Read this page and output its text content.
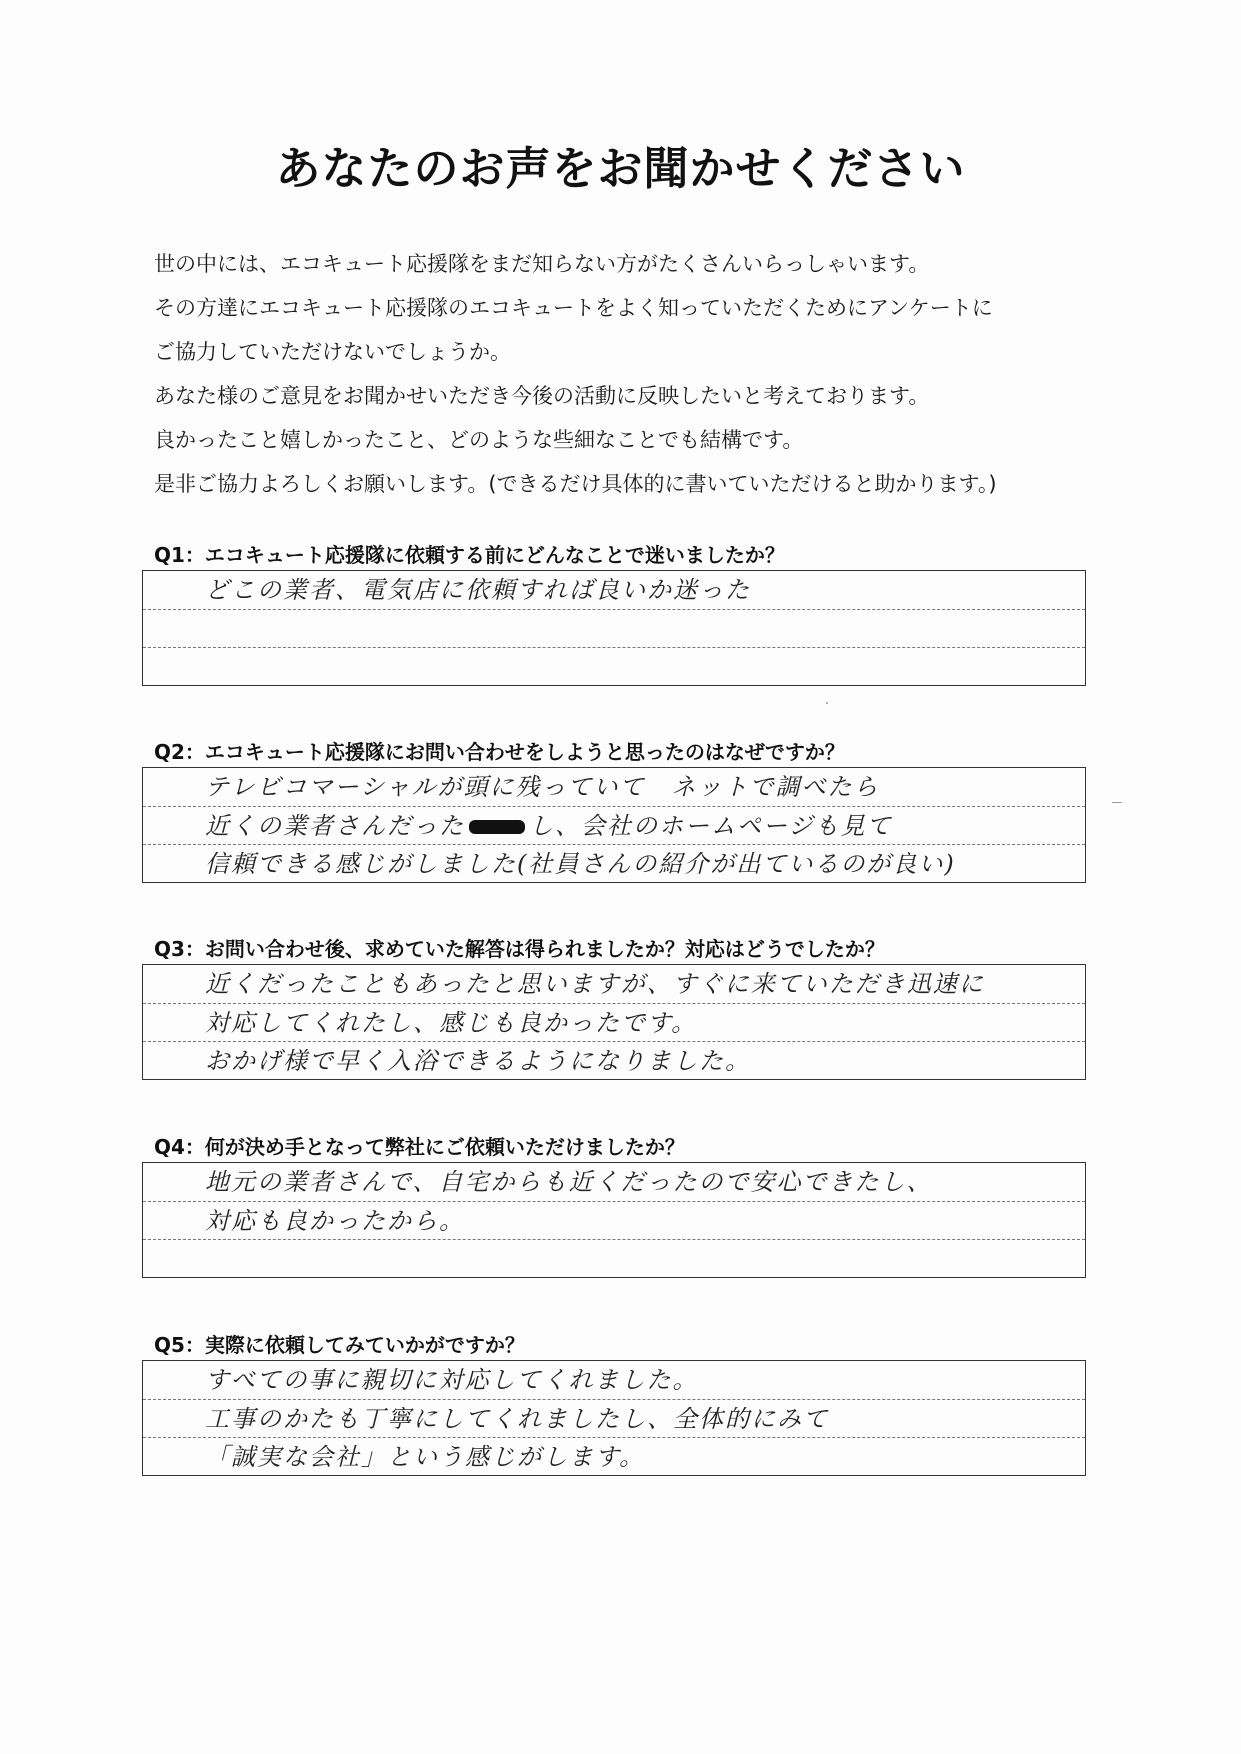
あなたのお声をお聞かせください
世の中には、エコキュート応援隊をまだ知らない方がたくさんいらっしゃいます。
その方達にエコキュート応援隊のエコキュートをよく知っていただくためにアンケートに
ご協力していただけないでしょうか。
あなた様のご意見をお聞かせいただき今後の活動に反映したいと考えております。
良かったこと嬉しかったこと、どのような些細なことでも結構です。
是非ご協力よろしくお願いします。(できるだけ具体的に書いていただけると助かります。)
Q1：エコキュート応援隊に依頼する前にどんなことで迷いましたか？
どこの業者、電気店に依頼すれば良いか迷った
Q2：エコキュート応援隊にお問い合わせをしようと思ったのはなぜですか？
テレビコマーシャルが頭に残っていて　ネットで調べたら
近くの業者さんだった	し、会社のホームページも見て
信頼できる感じがしました(社員さんの紹介が出ているのが良い)
Q3：お問い合わせ後、求めていた解答は得られましたか？対応はどうでしたか？
近くだったこともあったと思いますが、すぐに来ていただき迅速に
対応してくれたし、感じも良かったです。
おかげ様で早く入浴できるようになりました。
Q4：何が決め手となって弊社にご依頼いただけましたか？
地元の業者さんで、自宅からも近くだったので安心できたし、
対応も良かったから。
Q5：実際に依頼してみていかがですか？
すべての事に親切に対応してくれました。
工事のかたも丁寧にしてくれましたし、全体的にみて
「誠実な会社」という感じがします。
